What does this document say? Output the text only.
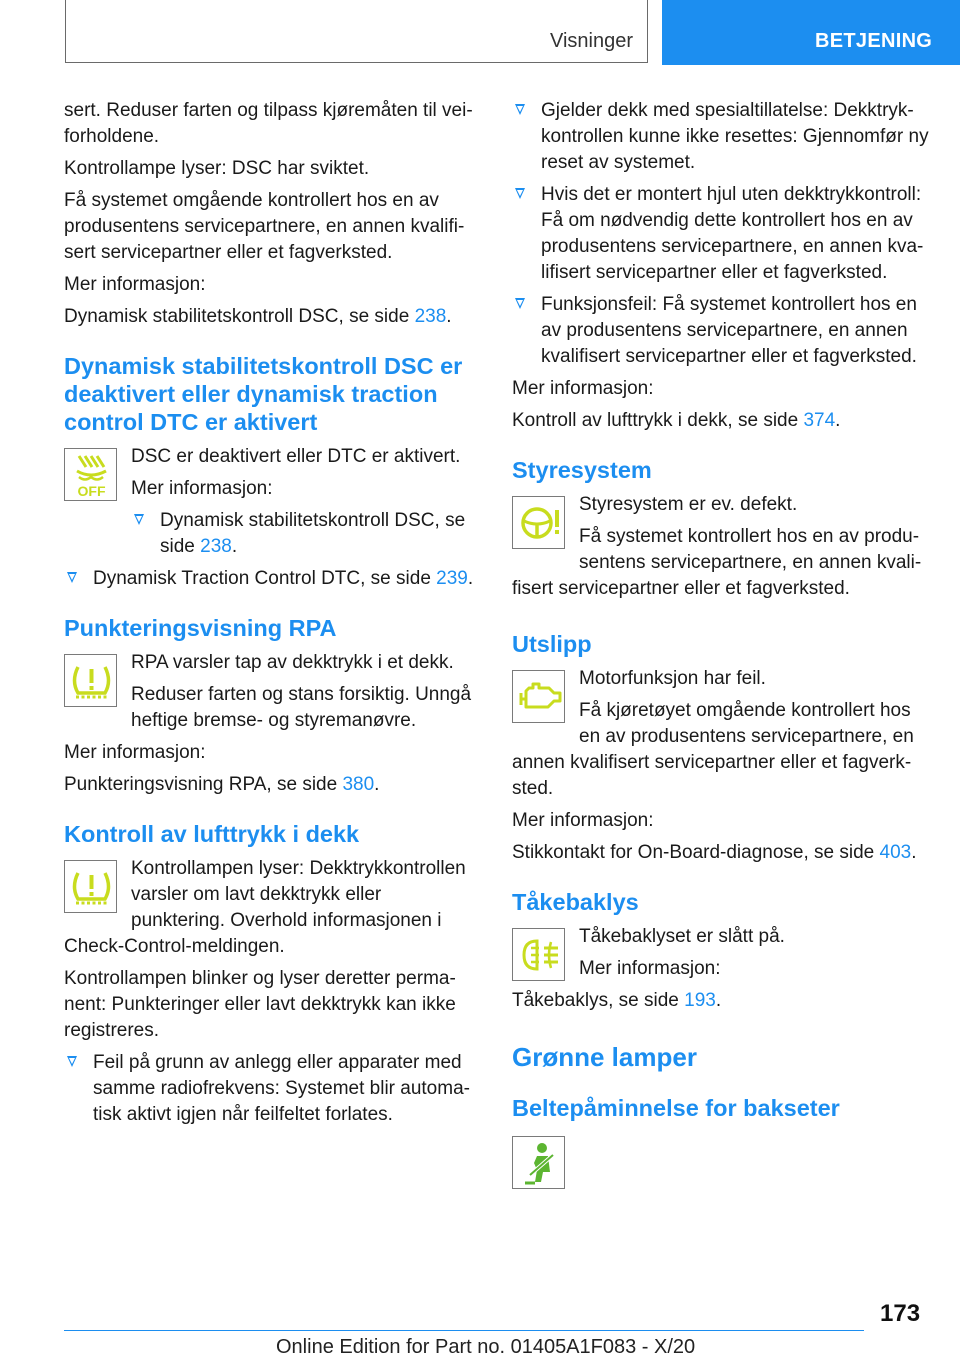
Visninger	BETJENING

sert. Reduser farten og tilpass kjøremåten til vei-forholdene.

Kontrollampe lyser: DSC har sviktet.

Få systemet omgående kontrollert hos en av produsentens servicepartnere, en annen kvalifi-sert servicepartner eller et fagverksted.

Mer informasjon:

Dynamisk stabilitetskontroll DSC, se side 238.

Dynamisk stabilitetskontroll DSC er deaktivert eller dynamisk traction control DTC er aktivert
OFF

DSC er deaktivert eller DTC er aktivert.

Mer informasjon:

Dynamisk stabilitetskontroll DSC, se side 238.
Dynamisk Traction Control DTC, se side 239.
Punkteringsvisning RPA

RPA varsler tap av dekktrykk i et dekk.

Reduser farten og stans forsiktig. Unngå heftige bremse- og styremanøvre.

Mer informasjon:

Punkteringsvisning RPA, se side 380.

Kontroll av lufttrykk i dekk

Kontrollampen lyser: Dekktrykkontrollen varsler om lavt dekktrykk eller punktering. Overhold informasjonen i Check-Control-meldingen.

Kontrollampen blinker og lyser deretter perma-nent: Punkteringer eller lavt dekktrykk kan ikke registreres.

Feil på grunn av anlegg eller apparater med samme radiofrekvens: Systemet blir automa-tisk aktivt igjen når feilfeltet forlates.
Gjelder dekk med spesialtillatelse: Dekktryk-kontrollen kunne ikke resettes: Gjennomfør ny reset av systemet.
Hvis det er montert hjul uten dekktrykkontroll: Få om nødvendig dette kontrollert hos en av produsentens servicepartnere, en annen kva-lifisert servicepartner eller et fagverksted.
Funksjonsfeil: Få systemet kontrollert hos en av produsentens servicepartnere, en annen kvalifisert servicepartner eller et fagverksted.

Mer informasjon:

Kontroll av lufttrykk i dekk, se side 374.

Styresystem

Styresystem er ev. defekt.

Få systemet kontrollert hos en av produ-sentens servicepartnere, en annen kvali-fisert servicepartner eller et fagverksted.

Utslipp

Motorfunksjon har feil.

Få kjøretøyet omgående kontrollert hos en av produsentens servicepartnere, en annen kvalifisert servicepartner eller et fagverk-sted.

Mer informasjon:

Stikkontakt for On-Board-diagnose, se side 403.

Tåkebaklys

Tåkebaklyset er slått på.

Mer informasjon:

Tåkebaklys, se side 193.

Grønne lamper
Beltepåminnelse for bakseter
173
Online Edition for Part no. 01405A1F083 - X/20
